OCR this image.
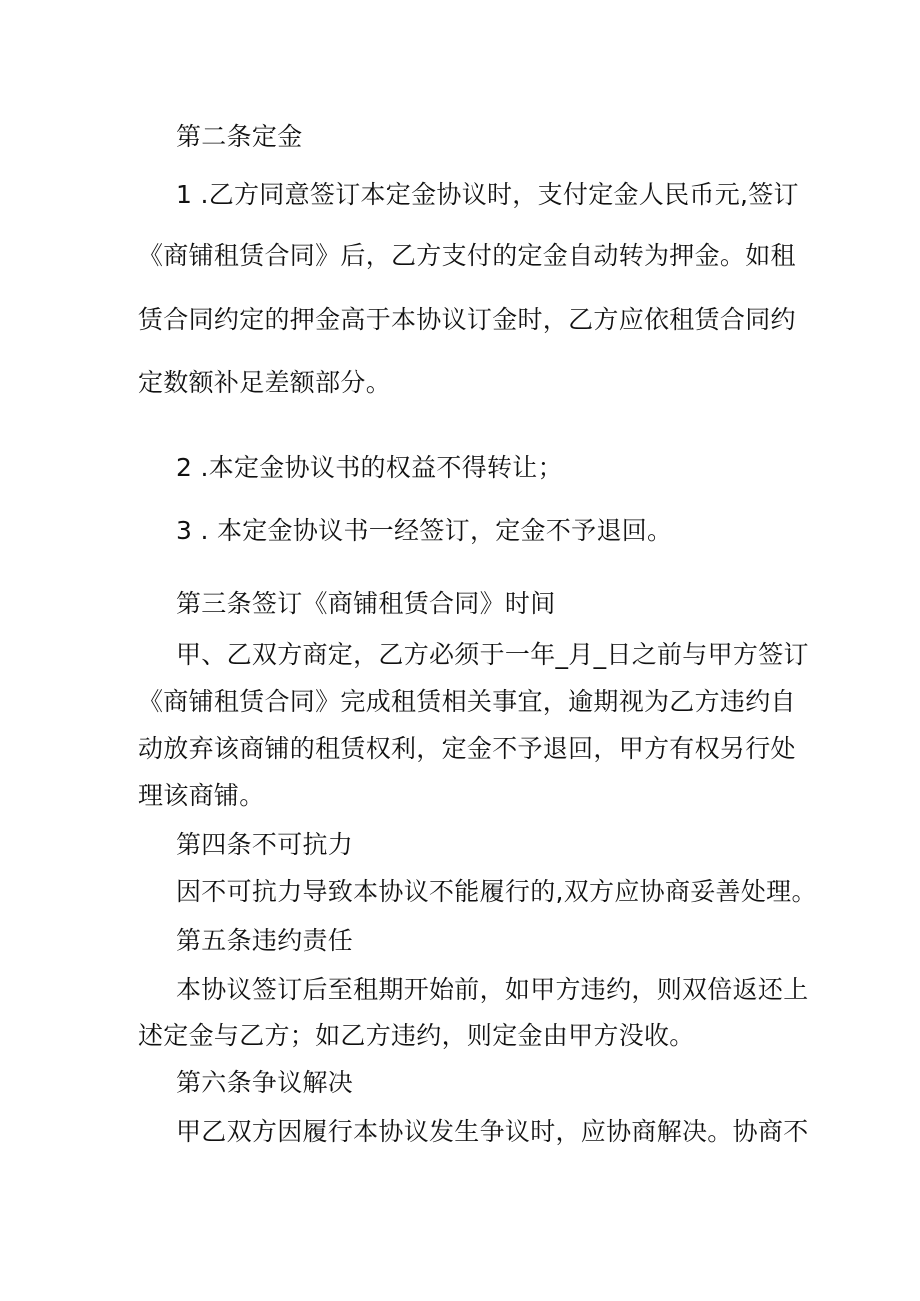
第二条定金
1 .乙方同意签订本定金协议时，支付定金人民币元,签订
《商铺租赁合同》后，乙方支付的定金自动转为押金。如租
赁合同约定的押金高于本协议订金时，乙方应依租赁合同约
定数额补足差额部分。
2 .本定金协议书的权益不得转让；
3 . 本定金协议书一经签订，定金不予退回。
第三条签订《商铺租赁合同》时间
甲、乙双方商定，乙方必须于一年_月_日之前与甲方签订
《商铺租赁合同》完成租赁相关事宜，逾期视为乙方违约自
动放弃该商铺的租赁权利，定金不予退回，甲方有权另行处
理该商铺。
第四条不可抗力
因不可抗力导致本协议不能履行的,双方应协商妥善处理。
第五条违约责任
本协议签订后至租期开始前，如甲方违约，则双倍返还上
述定金与乙方；如乙方违约，则定金由甲方没收。
第六条争议解决
甲乙双方因履行本协议发生争议时，应协商解决。协商不
